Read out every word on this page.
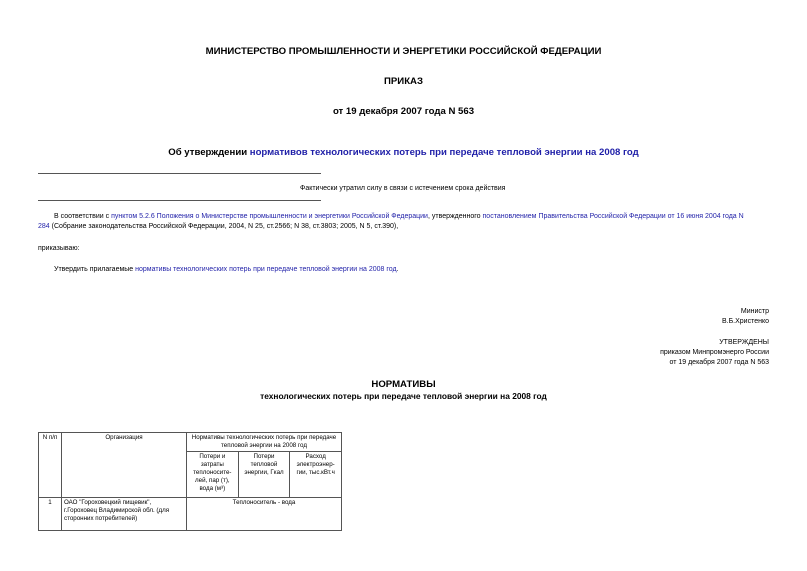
МИНИСТЕРСТВО ПРОМЫШЛЕННОСТИ И ЭНЕРГЕТИКИ РОССИЙСКОЙ ФЕДЕРАЦИИ
ПРИКАЗ
от 19 декабря 2007 года N 563
Об утверждении нормативов технологических потерь при передаче тепловой энергии на 2008 год
Фактически утратил силу в связи с истечением срока действия

В соответствии с пунктом 5.2.6 Положения о Министерстве промышленности и энергетики Российской Федерации, утвержденного постановлением Правительства Российской Федерации от 16 июня 2004 года N
284 (Собрание законодательства Российской Федерации, 2004, N 25, ст.2566; N 38, ст.3803; 2005, N 5, ст.390),

приказываю:
Утвердить прилагаемые нормативы технологических потерь при передаче тепловой энергии на 2008 год.
Министр
В.Б.Христенко
УТВЕРЖДЕНЫ
приказом Минпромэнерго России
от 19 декабря 2007 года N 563
НОРМАТИВЫ
технологических потерь при передаче тепловой энергии на 2008 год
N п/п	Организация	Нормативы технологических потерь при передаче тепловой энергии на 2008 год		
		Потери и затраты теплоносите-лей, пар (т), вода (м³)	Потери тепловой энергии, Гкал	Расход электроэнер-гии, тыс.кВт.ч
1	ОАО "Гороховецкий пищевик", г.Гороховец Владимирской обл. (для сторонних потребителей)	Теплоноситель - вода		
